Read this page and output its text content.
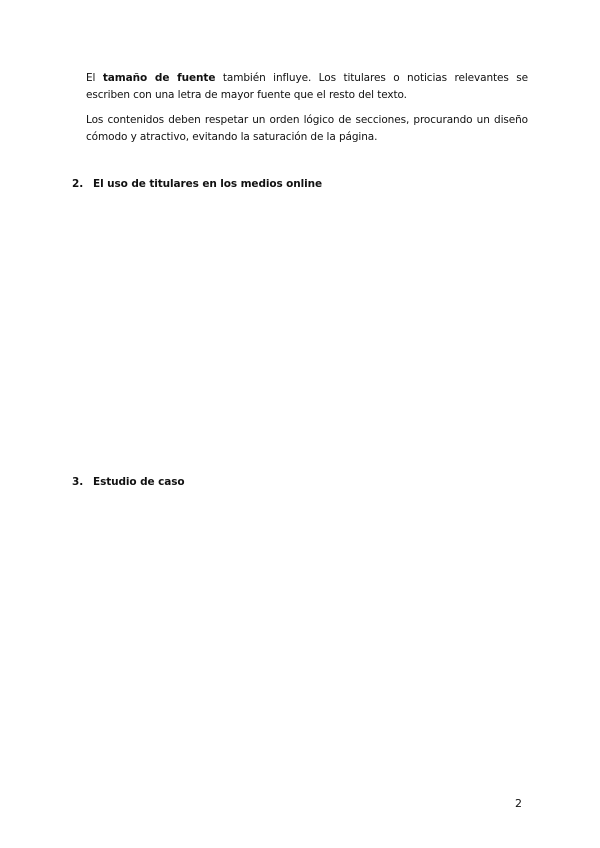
El tamaño de fuente también influye. Los titulares o noticias relevantes se escriben con una letra de mayor fuente que el resto del texto.

Los contenidos deben respetar un orden lógico de secciones, procurando un diseño cómodo y atractivo, evitando la saturación de la página.

2. El uso de titulares en los medios online
3. Estudio de caso
2
